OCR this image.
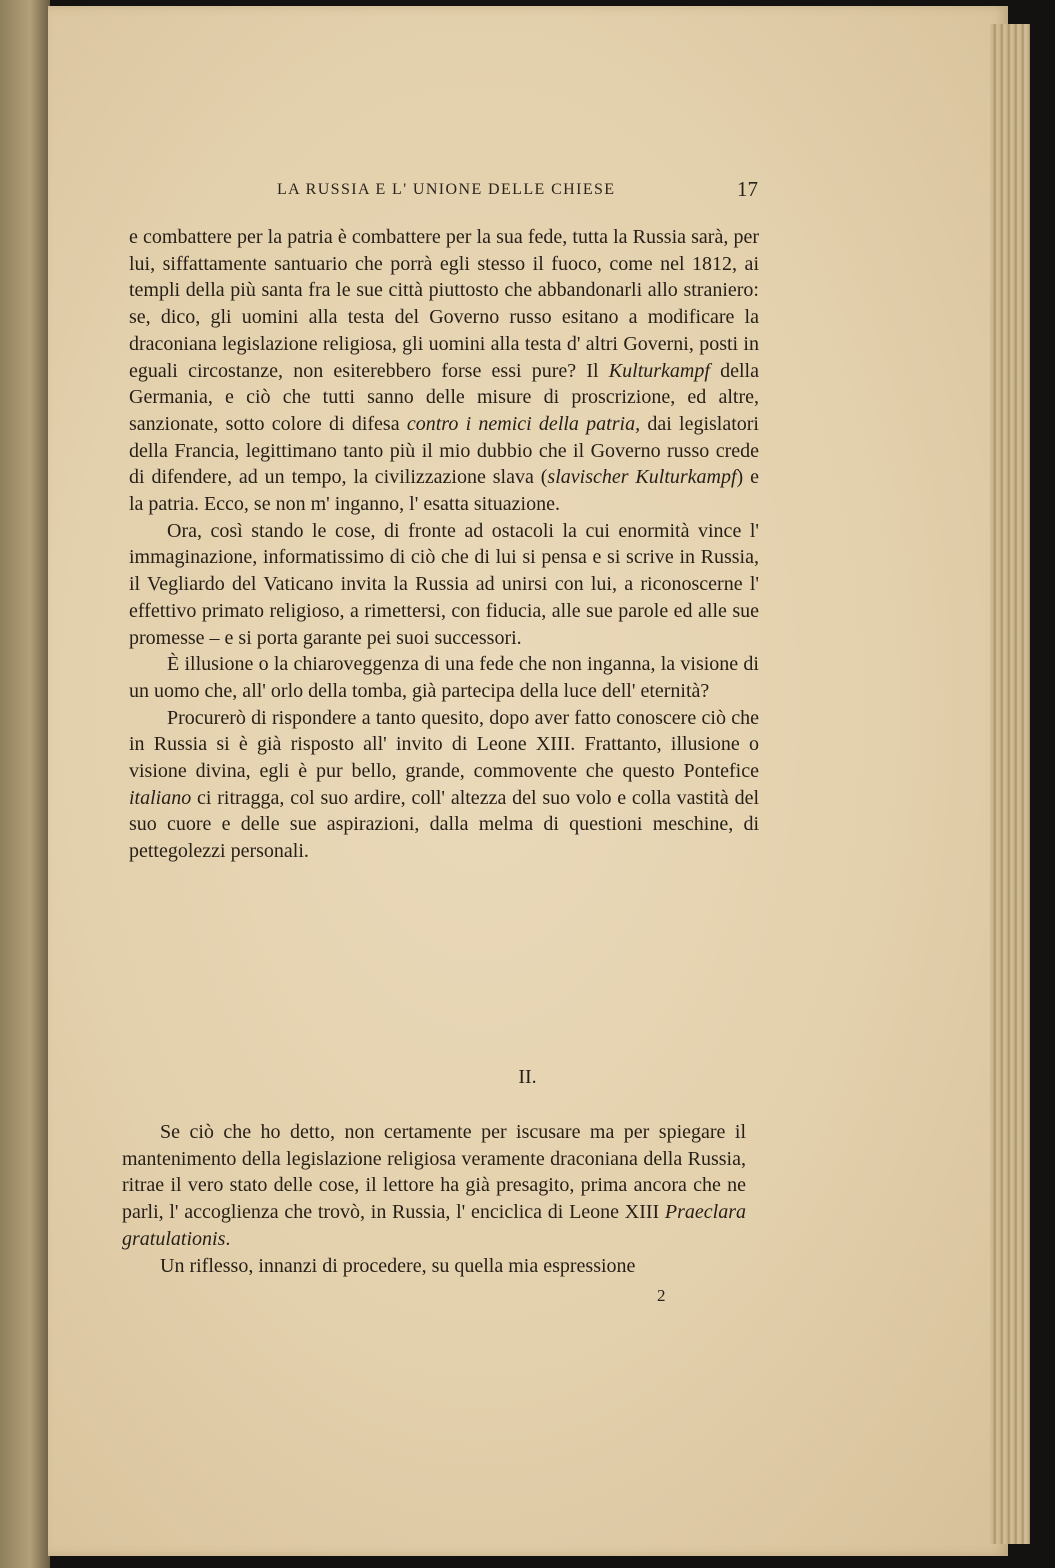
LA RUSSIA E L' UNIONE DELLE CHIESE	17

e combattere per la patria è combattere per la sua fede, tutta la Russia sarà, per lui, siffattamente santuario che porrà egli stesso il fuoco, come nel 1812, ai templi della più santa fra le sue città piuttosto che abbandonarli allo straniero: se, dico, gli uomini alla testa del Governo russo esitano a modificare la draconiana legislazione religiosa, gli uomini alla testa d' altri Governi, posti in eguali circostanze, non esiterebbero forse essi pure? Il Kulturkampf della Germania, e ciò che tutti sanno delle misure di proscrizione, ed altre, sanzionate, sotto colore di difesa contro i nemici della patria, dai legislatori della Francia, legittimano tanto più il mio dubbio che il Governo russo crede di difendere, ad un tempo, la civilizzazione slava (slavischer Kulturkampf) e la patria. Ecco, se non m' inganno, l' esatta situazione.

Ora, così stando le cose, di fronte ad ostacoli la cui enormità vince l' immaginazione, informatissimo di ciò che di lui si pensa e si scrive in Russia, il Vegliardo del Vaticano invita la Russia ad unirsi con lui, a riconoscerne l' effettivo primato religioso, a rimettersi, con fiducia, alle sue parole ed alle sue promesse – e si porta garante pei suoi successori.

È illusione o la chiaroveggenza di una fede che non inganna, la visione di un uomo che, all' orlo della tomba, già partecipa della luce dell' eternità?

Procurerò di rispondere a tanto quesito, dopo aver fatto conoscere ciò che in Russia si è già risposto all' invito di Leone XIII. Frattanto, illusione o visione divina, egli è pur bello, grande, commovente che questo Pontefice italiano ci ritragga, col suo ardire, coll' altezza del suo volo e colla vastità del suo cuore e delle sue aspirazioni, dalla melma di questioni meschine, di pettegolezzi personali.

II.

Se ciò che ho detto, non certamente per iscusare ma per spiegare il mantenimento della legislazione religiosa veramente draconiana della Russia, ritrae il vero stato delle cose, il lettore ha già presagito, prima ancora che ne parli, l' accoglienza che trovò, in Russia, l' enciclica di Leone XIII Praeclara gratulationis.

Un riflesso, innanzi di procedere, su quella mia espressione

2
